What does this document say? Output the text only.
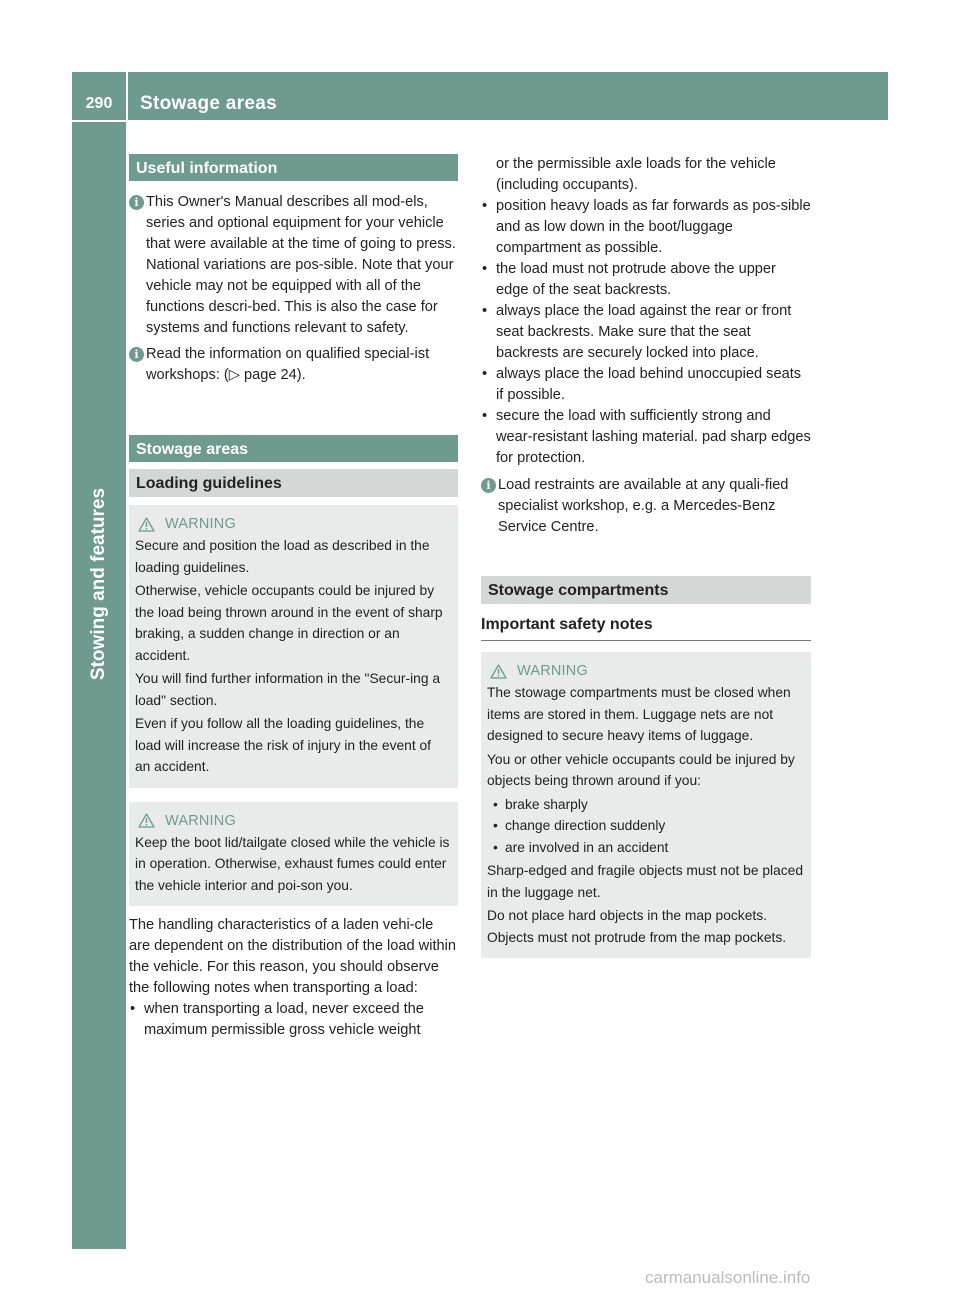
290	Stowage areas
Stowing and features
Useful information
i This Owner's Manual describes all mod-els, series and optional equipment for your vehicle that were available at the time of going to press. National variations are pos-sible. Note that your vehicle may not be equipped with all of the functions descri-bed. This is also the case for systems and functions relevant to safety.
i Read the information on qualified special-ist workshops: (▷ page 24).
Stowage areas
Loading guidelines
WARNING

Secure and position the load as described in the loading guidelines.

Otherwise, vehicle occupants could be injured by the load being thrown around in the event of sharp braking, a sudden change in direction or an accident.

You will find further information in the "Secur-ing a load" section.

Even if you follow all the loading guidelines, the load will increase the risk of injury in the event of an accident.

WARNING

Keep the boot lid/tailgate closed while the vehicle is in operation. Otherwise, exhaust fumes could enter the vehicle interior and poi-son you.

The handling characteristics of a laden vehi-cle are dependent on the distribution of the load within the vehicle. For this reason, you should observe the following notes when transporting a load:
• when transporting a load, never exceed the maximum permissible gross vehicle weight
or the permissible axle loads for the vehicle (including occupants).
• position heavy loads as far forwards as pos-sible and as low down in the boot/luggage compartment as possible.
• the load must not protrude above the upper edge of the seat backrests.
• always place the load against the rear or front seat backrests. Make sure that the seat backrests are securely locked into place.
• always place the load behind unoccupied seats if possible.
• secure the load with sufficiently strong and wear-resistant lashing material. pad sharp edges for protection.
i Load restraints are available at any quali-fied specialist workshop, e.g. a Mercedes-Benz Service Centre.
Stowage compartments
Important safety notes
WARNING

The stowage compartments must be closed when items are stored in them. Luggage nets are not designed to secure heavy items of luggage.

You or other vehicle occupants could be injured by objects being thrown around if you:

• brake sharply
• change direction suddenly
• are involved in an accident

Sharp-edged and fragile objects must not be placed in the luggage net.

Do not place hard objects in the map pockets. Objects must not protrude from the map pockets.

carmanualsonline.info
